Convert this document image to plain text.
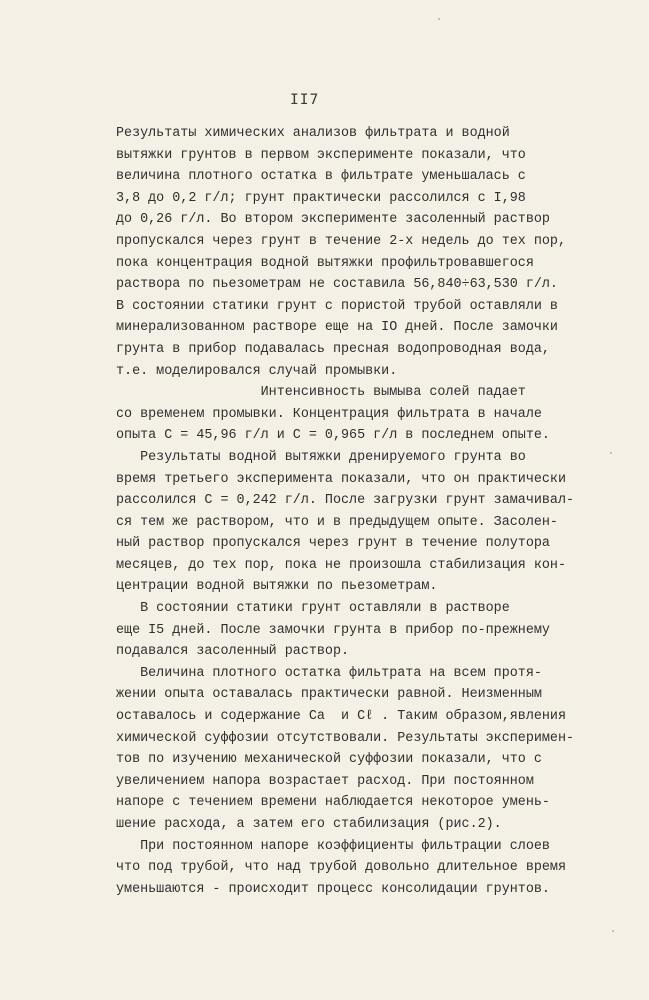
II7
Результаты химических анализов фильтрата и водной
вытяжки грунтов в первом эксперименте показали, что
величина плотного остатка в фильтрате уменьшалась с
3,8 до 0,2 г/л; грунт практически рассолился с I,98
до 0,26 г/л. Во втором эксперименте засоленный раствор
пропускался через грунт в течение 2-х недель до тех пор,
пока концентрация водной вытяжки профильтровавшегося
раствора по пьезометрам не составила 56,840÷63,530 г/л.
В состоянии статики грунт с пористой трубой оставляли в
минерализованном растворе еще на IО дней. После замочки
грунта в прибор подавалась пресная водопроводная вода,
т.е. моделировался случай промывки.
Интенсивность вымыва солей падает
со временем промывки. Концентрация фильтрата в начале
опыта С = 45,96 г/л и С = 0,965 г/л в последнем опыте.
Результаты водной вытяжки дренируемого грунта во
время третьего эксперимента показали, что он практически
рассолился С = 0,242 г/л. После загрузки грунт замачивал-
ся тем же раствором, что и в предыдущем опыте. Засолен-
ный раствор пропускался через грунт в течение полутора
месяцев, до тех пор, пока не произошла стабилизация кон-
центрации водной вытяжки по пьезометрам.
В состоянии статики грунт оставляли в растворе
еще I5 дней. После замочки грунта в прибор по-прежнему
подавался засоленный раствор.
Величина плотного остатка фильтрата на всем протя-
жении опыта оставалась практически равной. Неизменным
оставалось и содержание Са  и Cℓ . Таким образом,явления
химической суффозии отсутствовали. Результаты эксперимен-
тов по изучению механической суффозии показали, что с
увеличением напора возрастает расход. При постоянном
напоре с течением времени наблюдается некоторое умень-
шение расхода, а затем его стабилизация (рис.2).
При постоянном напоре коэффициенты фильтрации слоев
что под трубой, что над трубой довольно длительное время
уменьшаются - происходит процесс консолидации грунтов.
